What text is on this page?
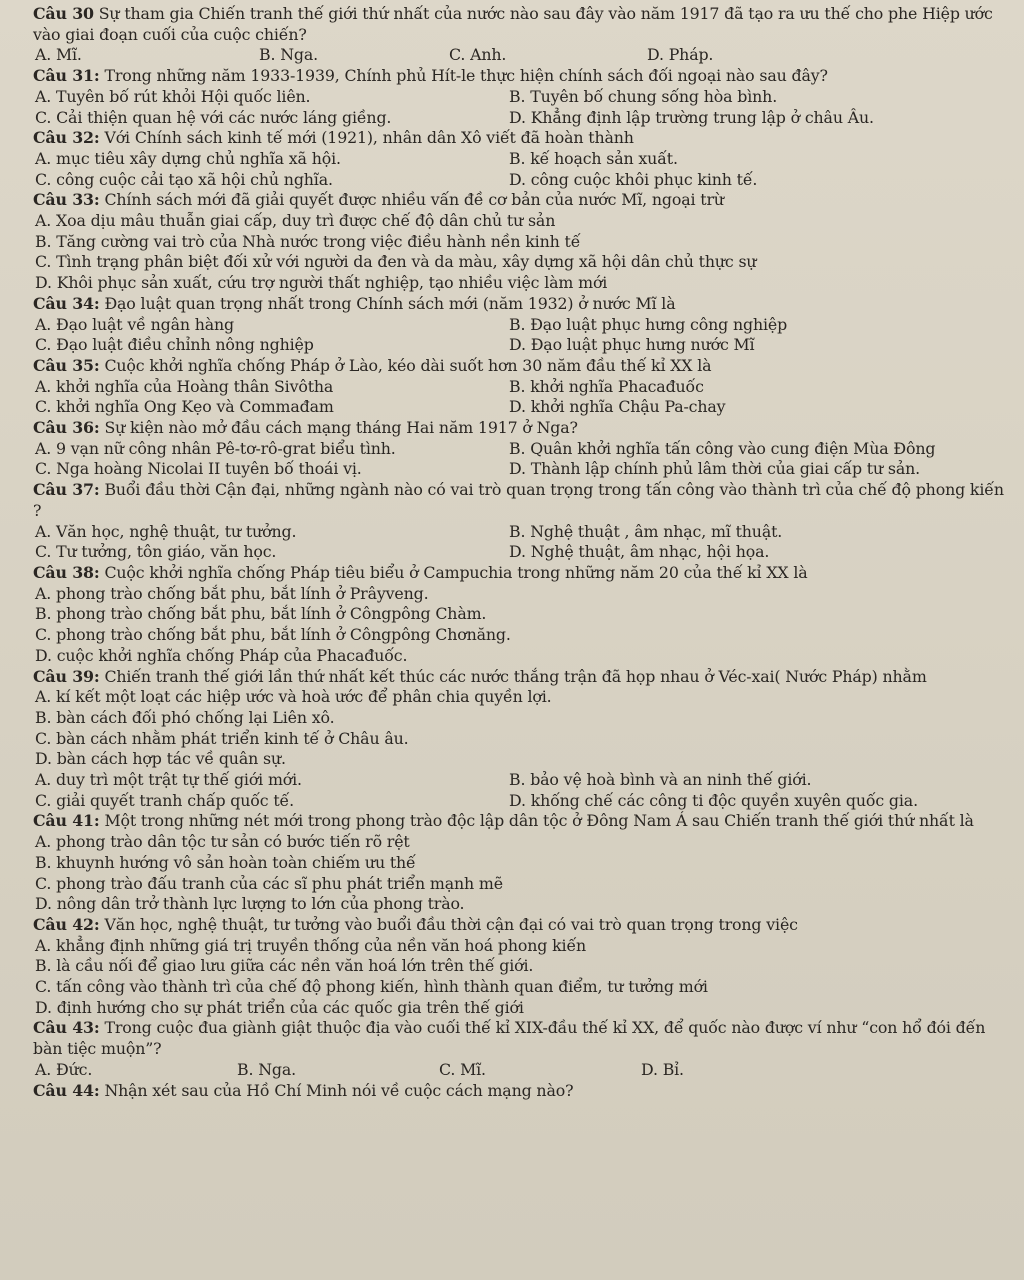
Câu 30 Sự tham gia Chiến tranh thế giới thứ nhất của nước nào sau đây vào năm 1917 đã tạo ra ưu thế cho phe Hiệp ước vào giai đoạn cuối của cuộc chiến?

A. Mĩ.	B. Nga.	C. Anh.	D. Pháp.

Câu 31: Trong những năm 1933-1939, Chính phủ Hít-le thực hiện chính sách đối ngoại nào sau đây?

A. Tuyên bố rút khỏi Hội quốc liên.	B. Tuyên bố chung sống hòa bình.
C. Cải thiện quan hệ với các nước láng giềng.	D. Khẳng định lập trường trung lập ở châu Âu.

Câu 32: Với Chính sách kinh tế mới (1921), nhân dân Xô viết đã hoàn thành

A. mục tiêu xây dựng chủ nghĩa xã hội.	B. kế hoạch sản xuất.
C. công cuộc cải tạo xã hội chủ nghĩa.	D. công cuộc khôi phục kinh tế.

Câu 33: Chính sách mới đã giải quyết được nhiều vấn đề cơ bản của nước Mĩ, ngoại trừ

A. Xoa dịu mâu thuẫn giai cấp, duy trì được chế độ dân chủ tư sản

B. Tăng cường vai trò của Nhà nước trong việc điều hành nền kinh tế

C. Tình trạng phân biệt đối xử với người da đen và da màu, xây dựng xã hội dân chủ thực sự

D. Khôi phục sản xuất, cứu trợ người thất nghiệp, tạo nhiều việc làm mới

Câu 34: Đạo luật quan trọng nhất trong Chính sách mới (năm 1932) ở nước Mĩ là

A. Đạo luật về ngân hàng	B. Đạo luật phục hưng công nghiệp
C. Đạo luật điều chỉnh nông nghiệp	D. Đạo luật phục hưng nước Mĩ

Câu 35: Cuộc khởi nghĩa chống Pháp ở Lào, kéo dài suốt hơn 30 năm đầu thế kỉ XX là

A. khởi nghĩa của Hoàng thân Sivôtha	B. khởi nghĩa Phacađuốc
C. khởi nghĩa Ong Kẹo và Commađam	D. khởi nghĩa Chậu Pa-chay

Câu 36: Sự kiện nào mở đầu cách mạng tháng Hai năm 1917 ở Nga?

A. 9 vạn nữ công nhân Pê-tơ-rô-grat biểu tình.	B. Quân khởi nghĩa tấn công vào cung điện Mùa Đông
C. Nga hoàng Nicolai II tuyên bố thoái vị.	D. Thành lập chính phủ lâm thời của giai cấp tư sản.

Câu 37: Buổi đầu thời Cận đại, những ngành nào có vai trò quan trọng trong tấn công vào thành trì của chế độ phong kiến ?

A. Văn học, nghệ thuật, tư tưởng.	B. Nghệ thuật , âm nhạc, mĩ thuật.
C. Tư tưởng, tôn giáo, văn học.	D. Nghệ thuật, âm nhạc, hội họa.

Câu 38: Cuộc khởi nghĩa chống Pháp tiêu biểu ở Campuchia trong những năm 20 của thế kỉ XX là

A. phong trào chống bắt phu, bắt lính ở Prâyveng.

B. phong trào chống bắt phu, bắt lính ở Côngpông Chàm.

C. phong trào chống bắt phu, bắt lính ở Côngpông Chơnăng.

D. cuộc khởi nghĩa chống Pháp của Phacađuốc.

Câu 39: Chiến tranh thế giới lần thứ nhất kết thúc các nước thắng trận đã họp nhau ở Véc-xai( Nước Pháp) nhằm

A. kí kết một loạt các hiệp ước và hoà ước để phân chia quyền lợi.

B. bàn cách đối phó chống lại Liên xô.

C. bàn cách nhằm phát triển kinh tế ở Châu âu.

D. bàn cách hợp tác về quân sự.

A. duy trì một trật tự thế giới mới.	B. bảo vệ hoà bình và an ninh thế giới.
C. giải quyết tranh chấp quốc tế.	D. khống chế các công ti độc quyền xuyên quốc gia.

Câu 41: Một trong những nét mới trong phong trào độc lập dân tộc ở Đông Nam Á sau Chiến tranh thế giới thứ nhất là

A. phong trào dân tộc tư sản có bước tiến rõ rệt

B. khuynh hướng vô sản hoàn toàn chiếm ưu thế

C. phong trào đấu tranh của các sĩ phu phát triển mạnh mẽ

D. nông dân trở thành lực lượng to lớn của phong trào.

Câu 42: Văn học, nghệ thuật, tư tưởng vào buổi đầu thời cận đại có vai trò quan trọng trong việc

A. khẳng định những giá trị truyền thống của nền văn hoá phong kiến

B. là cầu nối để giao lưu giữa các nền văn hoá lớn trên thế giới.

C. tấn công vào thành trì của chế độ phong kiến, hình thành quan điểm, tư tưởng mới

D. định hướng cho sự phát triển của các quốc gia trên thế giới

Câu 43: Trong cuộc đua giành giật thuộc địa vào cuối thế kỉ XIX-đầu thế kỉ XX, để quốc nào được ví như “con hổ đói đến bàn tiệc muộn”?

A. Đức.	B. Nga.	C. Mĩ.	D. Bỉ.

Câu 44: Nhận xét sau của Hồ Chí Minh nói về cuộc cách mạng nào?
